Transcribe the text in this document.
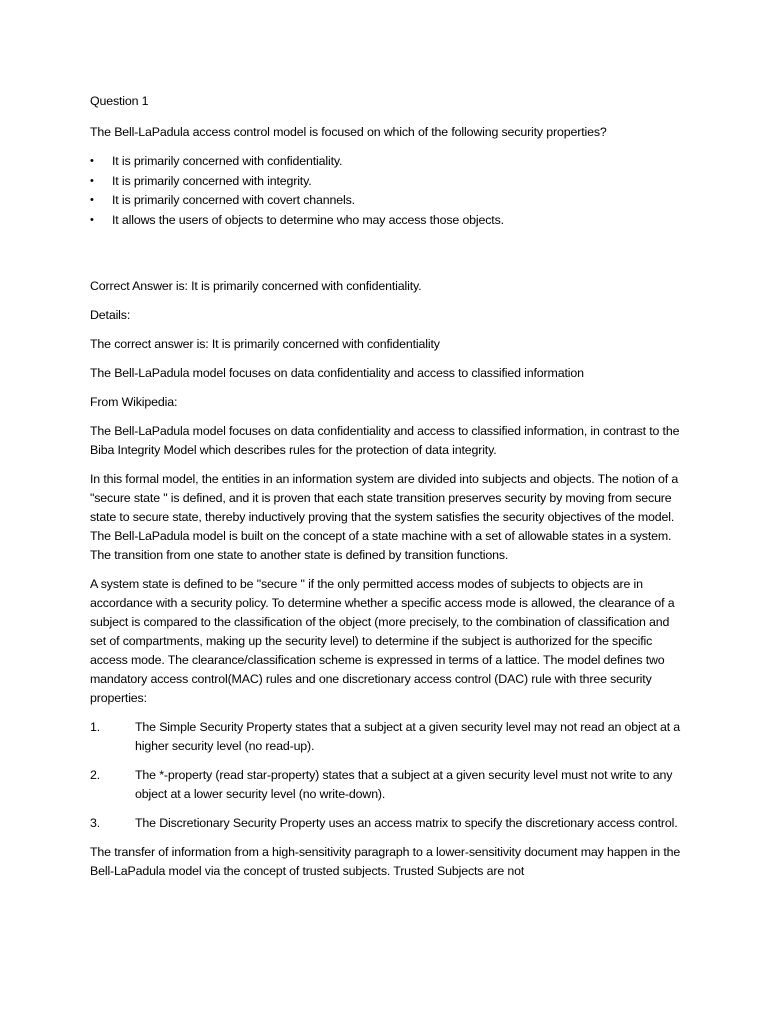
Question 1

The Bell-LaPadula access control model is focused on which of the following security properties?

• It is primarily concerned with confidentiality.
• It is primarily concerned with integrity.
• It is primarily concerned with covert channels.
• It allows the users of objects to determine who may access those objects.

Correct Answer is: It is primarily concerned with confidentiality.

Details:

The correct answer is: It is primarily concerned with confidentiality

The Bell-LaPadula model focuses on data confidentiality and access to classified information

From Wikipedia:

The Bell-LaPadula model focuses on data confidentiality and access to classified information, in contrast to the Biba Integrity Model which describes rules for the protection of data integrity.

In this formal model, the entities in an information system are divided into subjects and objects. The notion of a "secure state " is defined, and it is proven that each state transition preserves security by moving from secure state to secure state, thereby inductively proving that the system satisfies the security objectives of the model. The Bell-LaPadula model is built on the concept of a state machine with a set of allowable states in a system. The transition from one state to another state is defined by transition functions.

A system state is defined to be "secure " if the only permitted access modes of subjects to objects are in accordance with a security policy. To determine whether a specific access mode is allowed, the clearance of a subject is compared to the classification of the object (more precisely, to the combination of classification and set of compartments, making up the security level) to determine if the subject is authorized for the specific access mode. The clearance/classification scheme is expressed in terms of a lattice. The model defines two mandatory access control(MAC) rules and one discretionary access control (DAC) rule with three security properties:

1.	The Simple Security Property states that a subject at a given security level may not read an object at a higher security level (no read-up).

2.	The *-property (read star-property) states that a subject at a given security level must not write to any object at a lower security level (no write-down).

3.	The Discretionary Security Property uses an access matrix to specify the discretionary access control.

The transfer of information from a high-sensitivity paragraph to a lower-sensitivity document may happen in the Bell-LaPadula model via the concept of trusted subjects. Trusted Subjects are not
